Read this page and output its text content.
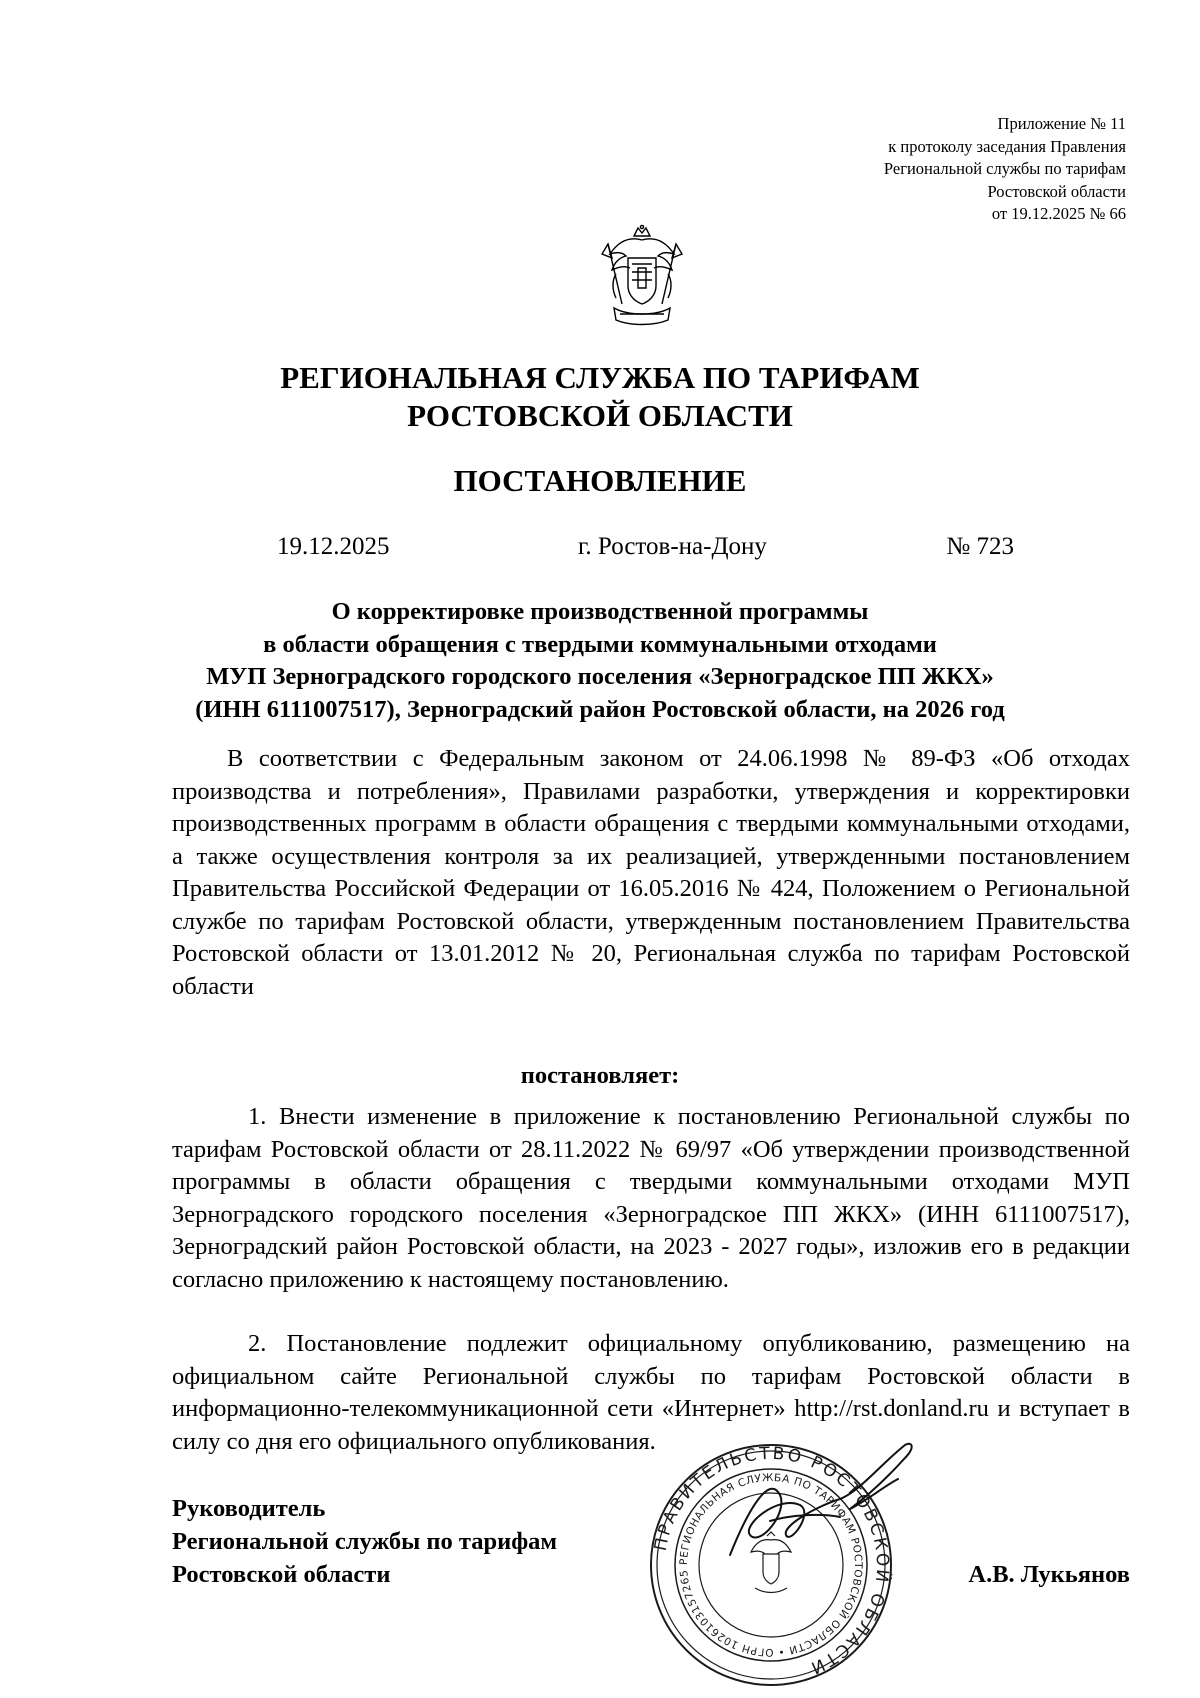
Приложение № 11
к протоколу заседания Правления
Региональной службы по тарифам
Ростовской области
от 19.12.2025 № 66
РЕГИОНАЛЬНАЯ СЛУЖБА ПО ТАРИФАМ
РОСТОВСКОЙ ОБЛАСТИ
ПОСТАНОВЛЕНИЕ
19.12.2025	г. Ростов-на-Дону	№ 723
О корректировке производственной программы
в области обращения с твердыми коммунальными отходами
МУП Зерноградского городского поселения «Зерноградское ПП ЖКХ»
(ИНН 6111007517), Зерноградский район Ростовской области, на 2026 год
В соответствии с Федеральным законом от 24.06.1998 № 89-ФЗ «Об отходах производства и потребления», Правилами разработки, утверждения и корректировки производственных программ в области обращения с твердыми коммунальными отходами, а также осуществления контроля за их реализацией, утвержденными постановлением Правительства Российской Федерации от 16.05.2016 № 424, Положением о Региональной службе по тарифам Ростовской области, утвержденным постановлением Правительства Ростовской области от 13.01.2012 № 20, Региональная служба по тарифам Ростовской области
постановляет:
1. Внести изменение в приложение к постановлению Региональной службы по тарифам Ростовской области от 28.11.2022 № 69/97 «Об утверждении производственной программы в области обращения с твердыми коммунальными отходами МУП Зерноградского городского поселения «Зерноградское ПП ЖКХ» (ИНН 6111007517), Зерноградский район Ростовской области, на 2023 - 2027 годы», изложив его в редакции согласно приложению к настоящему постановлению.
2. Постановление подлежит официальному опубликованию, размещению на официальном сайте Региональной службы по тарифам Ростовской области в информационно-телекоммуникационной сети «Интернет» http://rst.donland.ru и вступает в силу со дня его официального опубликования.
ПРАВИТЕЛЬСТВО РОСТОВСКОЙ ОБЛАСТИ
РЕГИОНАЛЬНАЯ СЛУЖБА ПО ТАРИФАМ РОСТОВСКОЙ ОБЛАСТИ • ОГРН 1026103157265
Руководитель
Региональной службы по тарифам
Ростовской области	А.В. Лукьянов
